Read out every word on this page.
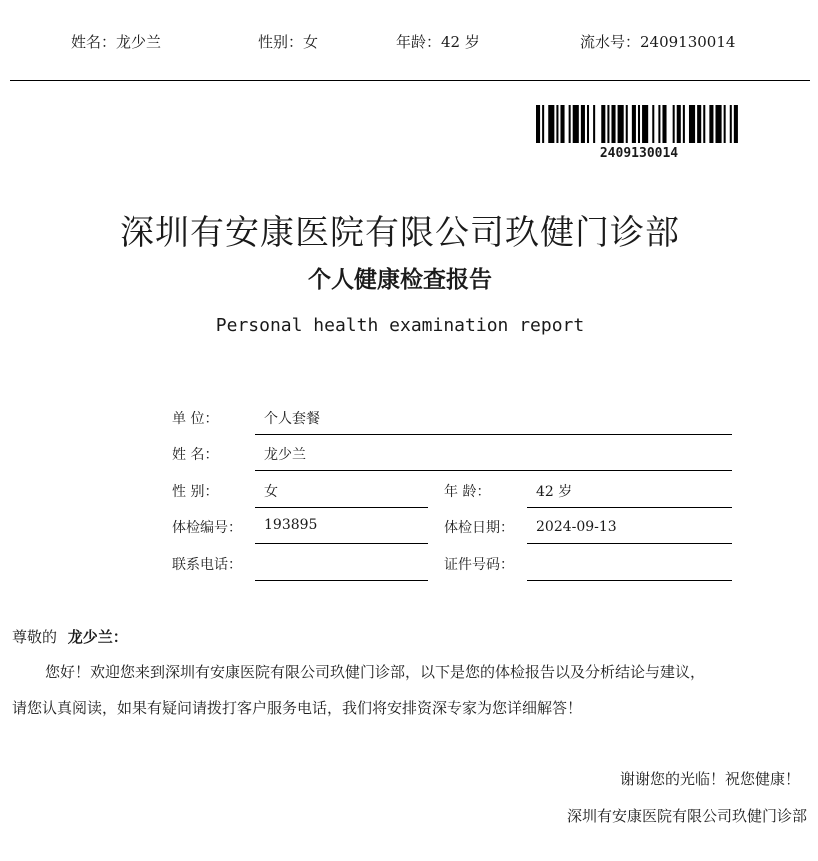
姓名：龙少兰	性别：女	年龄：42 岁	流水号：2409130014
2409130014
深圳有安康医院有限公司玖健门诊部
个人健康检查报告
Personal health examination report
单 位：	个人套餐
姓 名：	龙少兰
性 别：	女	年 龄：	42 岁
体检编号： 193895	体检日期： 2024-09-13
联系电话：	证件号码：
尊敬的 龙少兰：
您好！欢迎您来到深圳有安康医院有限公司玖健门诊部，以下是您的体检报告以及分析结论与建议，
请您认真阅读，如果有疑问请拨打客户服务电话，我们将安排资深专家为您详细解答！
谢谢您的光临！祝您健康！
深圳有安康医院有限公司玖健门诊部
